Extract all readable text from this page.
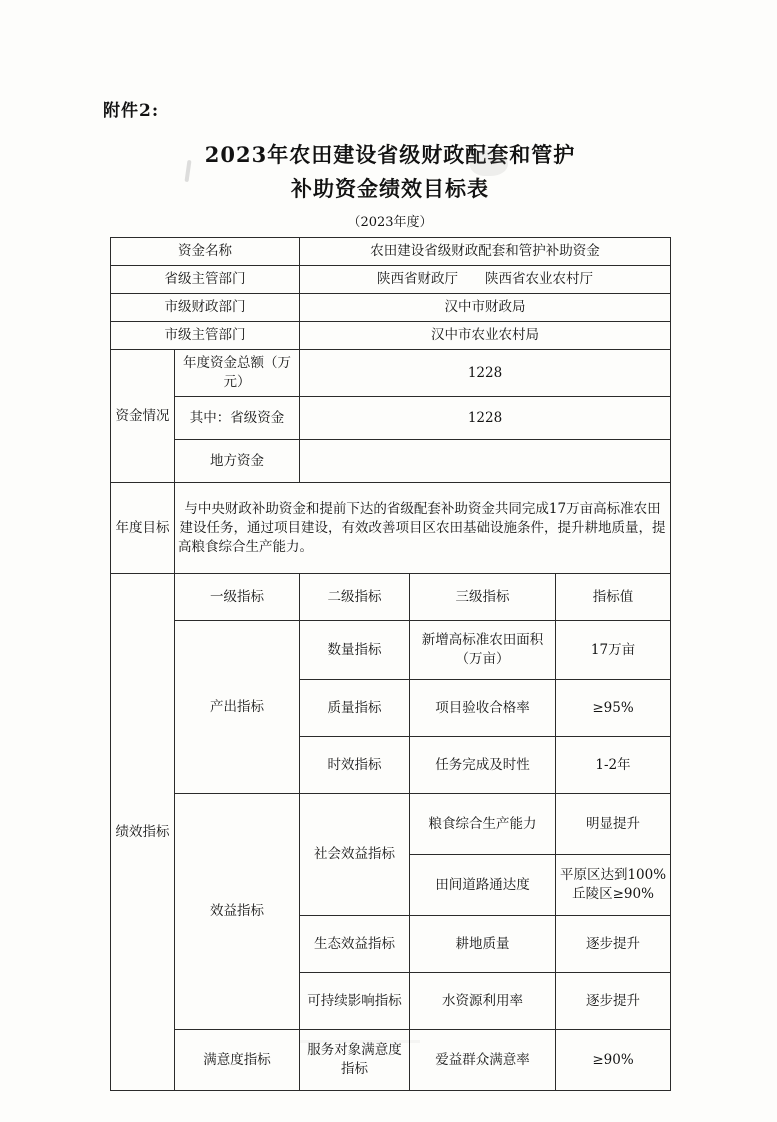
附件2:
2023年农田建设省级财政配套和管护
补助资金绩效目标表
（2023年度）
资金名称		农田建设省级财政配套和管护补助资金		
省级主管部门		陕西省财政厅　　陕西省农业农村厅		
市级财政部门		汉中市财政局		
市级主管部门		汉中市农业农村局		

资金情况	年度资金总额（万元）	1228		
	其中：省级资金	1228		
	地方资金			
年度目标	与中央财政补助资金和提前下达的省级配套补助资金共同完成17万亩高标准农田建设任务，通过项目建设，有效改善项目区农田基础设施条件，提升耕地质量，提高粮食综合生产能力。			

绩效指标	一级指标	二级指标	三级指标	指标值
	产出指标	数量指标	新增高标准农田面积（万亩）	17万亩
		质量指标	项目验收合格率	≥95%
		时效指标	任务完成及时性	1-2年
	效益指标	社会效益指标	粮食综合生产能力	明显提升
			田间道路通达度	平原区达到100%丘陵区≥90%
		生态效益指标	耕地质量	逐步提升
		可持续影响指标	水资源利用率	逐步提升
	满意度指标	服务对象满意度指标	爱益群众满意率	≥90%
